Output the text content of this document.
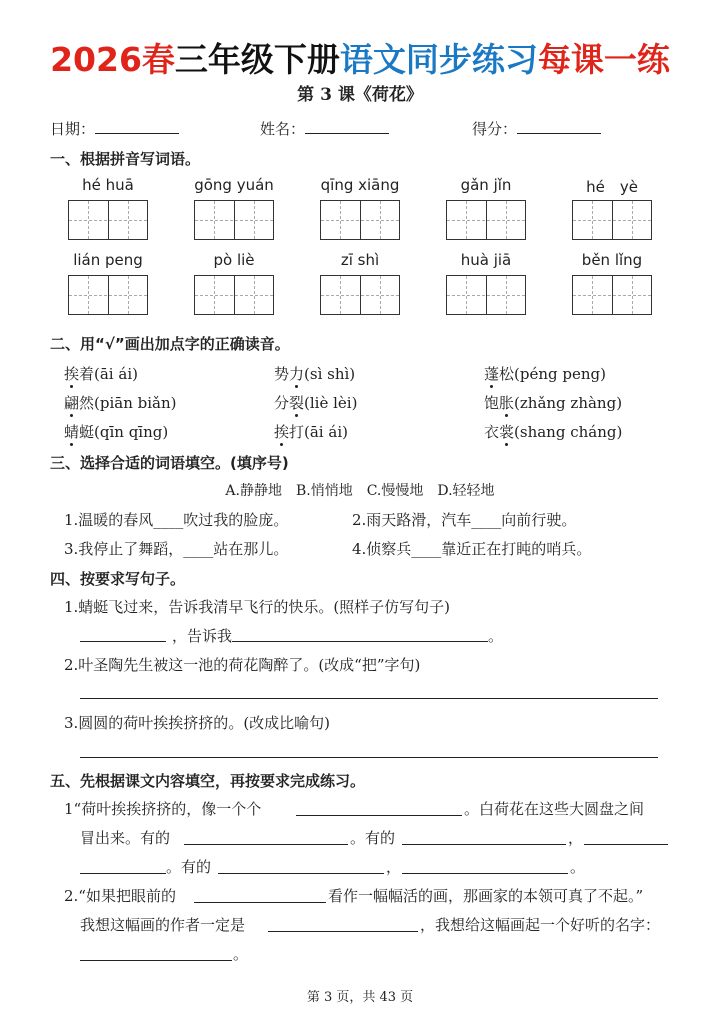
2026春三年级下册语文同步练习每课一练
第 3 课《荷花》
日期：	姓名：	得分：
一、根据拼音写词语。
hé huā	gōng yuán	qīng xiāng	gǎn jǐn	hé　yè
lián peng	pò liè	zī shì	huà jiā	běn lǐng
二、用“√”画出加点字的正确读音。
挨着(āi ái)	势力(sì shì)	蓬松(péng peng)
翩然(piān biǎn)	分裂(liè lèi)	饱胀(zhǎng zhàng)
蜻蜓(qīn qīng)	挨打(āi ái)	衣裳(shang cháng)
三、选择合适的词语填空。(填序号)
A.静静地　B.悄悄地　C.慢慢地　D.轻轻地
1.温暖的春风____吹过我的脸庞。	2.雨天路滑，汽车____向前行驶。
3.我停止了舞蹈，____站在那儿。	4.侦察兵____靠近正在打盹的哨兵。
四、按要求写句子。
1.蜻蜓飞过来，告诉我清早飞行的快乐。(照样子仿写句子)
，告诉我	。
2.叶圣陶先生被这一池的荷花陶醉了。(改成“把”字句)
3.圆圆的荷叶挨挨挤挤的。(改成比喻句)
五、先根据课文内容填空，再按要求完成练习。
1“荷叶挨挨挤挤的，像一个个	。白荷花在这些大圆盘之间
冒出来。有的	。有的	，
。有的	，	。
2.“如果把眼前的	看作一幅幅活的画，那画家的本领可真了不起。”
我想这幅画的作者一定是	，我想给这幅画起一个好听的名字：
。
第 3 页，共 43 页
